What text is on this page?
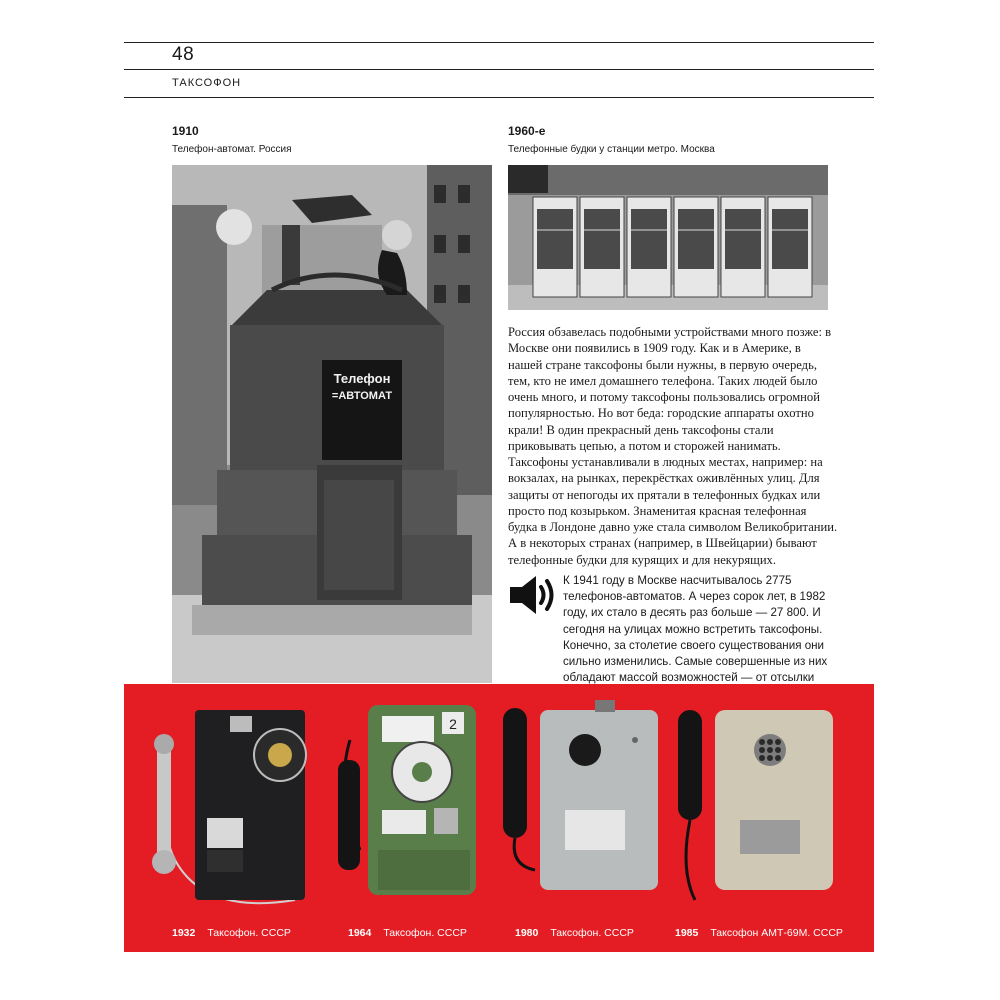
48
ТАКСОФОН
1910
Телефон-автомат. Россия
Телефон
=АВТОМАТ
1960-е
Телефонные будки у станции метро. Москва

Россия обзавелась подобными устройствами много позже: в Москве они появились в 1909 году. Как и в Америке, в нашей стране таксофоны были нужны, в первую очередь, тем, кто не имел домашнего телефона. Таких людей было очень много, и потому таксофоны пользовались огромной популярностью. Но вот беда: городские аппараты охотно крали! В один прекрасный день таксофоны стали приковывать цепью, а потом и сторожей нанимать.

Таксофоны устанавливали в людных местах, например: на вокзалах, на рынках, перекрёстках оживлённых улиц. Для защиты от непогоды их прятали в телефонных будках или просто под козырьком. Знаменитая красная телефонная будка в Лондоне давно уже стала символом Великобритании. А в некоторых странах (например, в Швейцарии) бывают телефонные будки для курящих и для некурящих.

К 1941 году в Москве насчитывалось 2775 телефонов-автоматов. А через сорок лет, в 1982 году, их стало в десять раз больше — 27 800. И сегодня на улицах можно встретить таксофоны. Конечно, за столетие своего существования они сильно изменились. Самые совершенные из них обладают массой возможностей — от отсылки

2
1932 Таксофон. СССР	1964 Таксофон. СССР	1980 Таксофон. СССР	1985 Таксофон АМТ-69М. СССР
